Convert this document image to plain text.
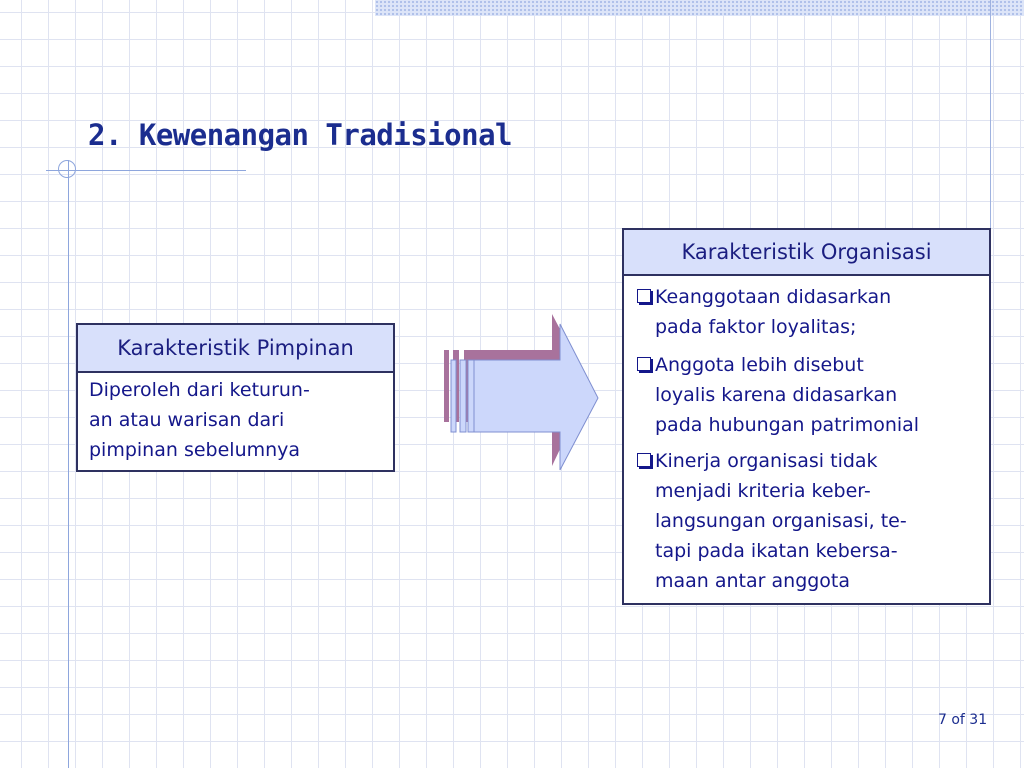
2. Kewenangan Tradisional
Karakteristik Pimpinan
Diperoleh dari keturun-
an atau warisan dari
pimpinan sebelumnya
Karakteristik Organisasi
Keanggotaan didasarkan
pada faktor loyalitas;
Anggota lebih disebut
loyalis karena didasarkan
pada hubungan patrimonial
Kinerja organisasi tidak
menjadi kriteria keber-
langsungan organisasi, te-
tapi pada ikatan kebersa-
maan antar anggota
7 of 31
